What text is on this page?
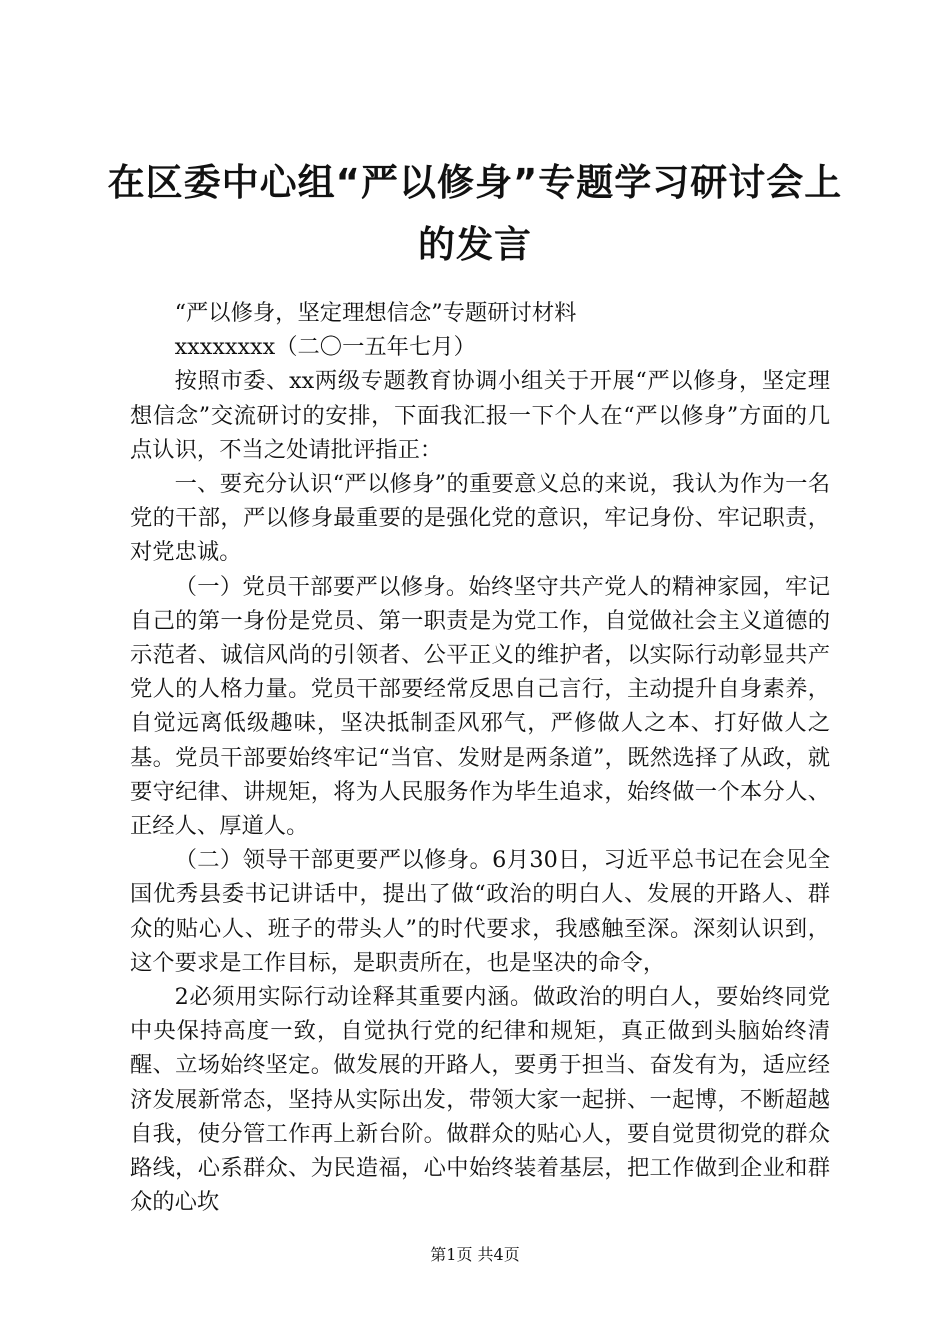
在区委中心组“严以修身”专题学习研讨会上
的发言

“严以修身，坚定理想信念”专题研讨材料

xxxxxxxx（二〇一五年七月）

按照市委、xx两级专题教育协调小组关于开展“严以修身，坚定理想信念”交流研讨的安排，下面我汇报一下个人在“严以修身”方面的几点认识，不当之处请批评指正：

一、要充分认识“严以修身”的重要意义总的来说，我认为作为一名党的干部，严以修身最重要的是强化党的意识，牢记身份、牢记职责，对党忠诚。

（一）党员干部要严以修身。始终坚守共产党人的精神家园，牢记自己的第一身份是党员、第一职责是为党工作，自觉做社会主义道德的示范者、诚信风尚的引领者、公平正义的维护者，以实际行动彰显共产党人的人格力量。党员干部要经常反思自己言行，主动提升自身素养，自觉远离低级趣味，坚决抵制歪风邪气，严修做人之本、打好做人之基。党员干部要始终牢记“当官、发财是两条道”，既然选择了从政，就要守纪律、讲规矩，将为人民服务作为毕生追求，始终做一个本分人、正经人、厚道人。

（二）领导干部更要严以修身。6月30日，习近平总书记在会见全国优秀县委书记讲话中，提出了做“政治的明白人、发展的开路人、群众的贴心人、班子的带头人”的时代要求，我感触至深。深刻认识到，这个要求是工作目标，是职责所在，也是坚决的命令，

2必须用实际行动诠释其重要内涵。做政治的明白人，要始终同党中央保持高度一致，自觉执行党的纪律和规矩，真正做到头脑始终清醒、立场始终坚定。做发展的开路人，要勇于担当、奋发有为，适应经济发展新常态，坚持从实际出发，带领大家一起拼、一起博，不断超越自我，使分管工作再上新台阶。做群众的贴心人，要自觉贯彻党的群众路线，心系群众、为民造福，心中始终装着基层，把工作做到企业和群众的心坎

第1页 共4页
